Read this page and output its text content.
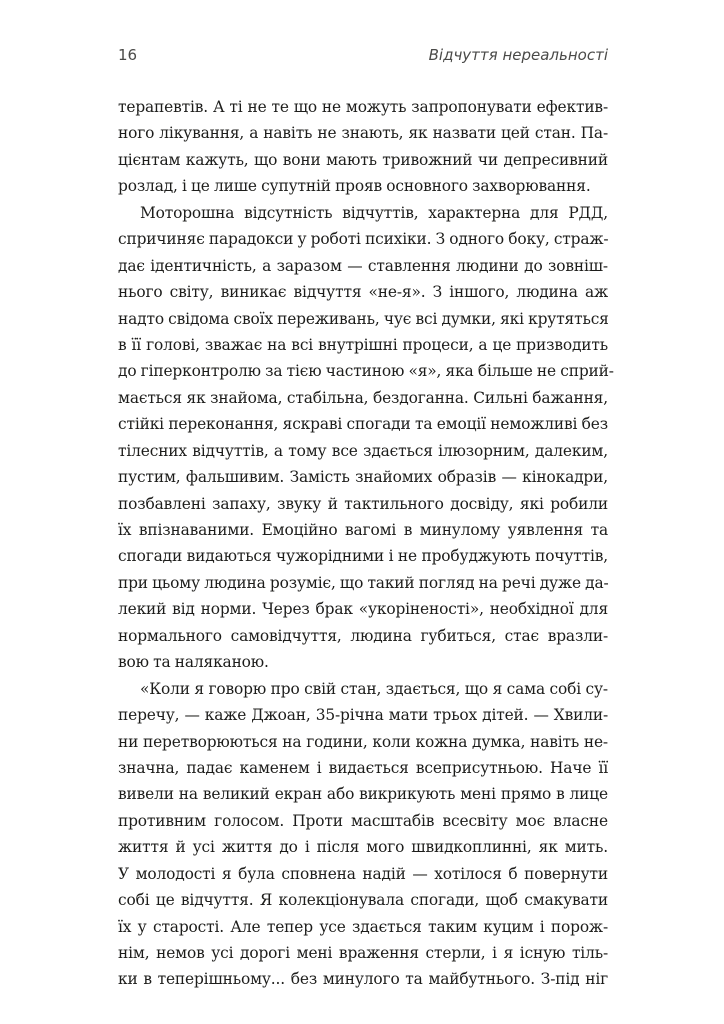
16	Відчуття нереальності
терапевтів. А ті не те що не можуть запропонувати ефектив-
ного лікування, а навіть не знають, як назвати цей стан. Па-
цієнтам кажуть, що вони мають тривожний чи депресивний
розлад, і це лише супутній прояв основного захворювання.
Моторошна відсутність відчуттів, характерна для РДД,
спричиняє парадокси у роботі психіки. З одного боку, страж-
дає ідентичність, а заразом — ставлення людини до зовніш-
нього світу, виникає відчуття «не-я». З іншого, людина аж
надто свідома своїх переживань, чує всі думки, які крутяться
в її голові, зважає на всі внутрішні процеси, а це призводить
до гіперконтролю за тією частиною «я», яка більше не сприй-
мається як знайома, стабільна, бездоганна. Сильні бажання,
стійкі переконання, яскраві спогади та емоції неможливі без
тілесних відчуттів, а тому все здається ілюзорним, далеким,
пустим, фальшивим. Замість знайомих образів — кінокадри,
позбавлені запаху, звуку й тактильного досвіду, які робили
їх впізнаваними. Емоційно вагомі в минулому уявлення та
спогади видаються чужорідними і не пробуджують почуттів,
при цьому людина розуміє, що такий погляд на речі дуже да-
лекий від норми. Через брак «укоріненості», необхідної для
нормального самовідчуття, людина губиться, стає вразли-
вою та наляканою.
«Коли я говорю про свій стан, здається, що я сама собі су-
перечу, — каже Джоан, 35-річна мати трьох дітей. — Хвили-
ни перетворюються на години, коли кожна думка, навіть не-
значна, падає каменем і видається всеприсутньою. Наче її
вивели на великий екран або викрикують мені прямо в лице
противним голосом. Проти масштабів всесвіту моє власне
життя й усі життя до і після мого швидкоплинні, як мить.
У молодості я була сповнена надій — хотілося б повернути
собі це відчуття. Я колекціонувала спогади, щоб смакувати
їх у старості. Але тепер усе здається таким куцим і порож-
нім, немов усі дорогі мені враження стерли, і я існую тіль-
ки в теперішньому... без минулого та майбутнього. З-під ніг
